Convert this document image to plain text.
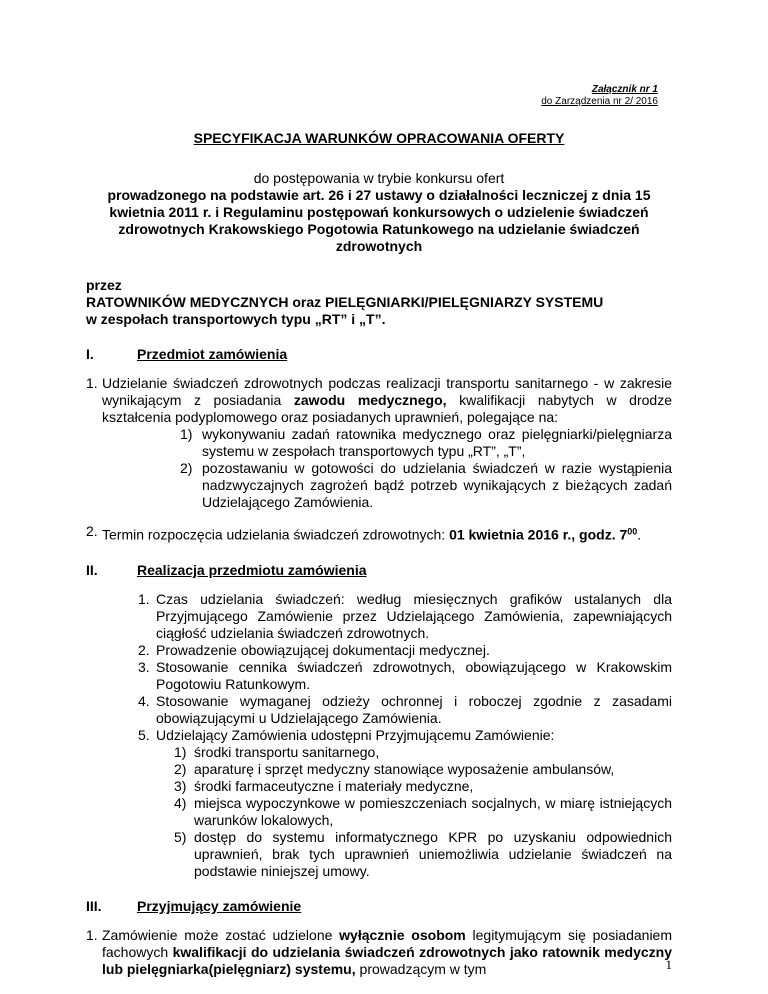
Załącznik nr 1
do Zarządzenia nr 2/ 2016
SPECYFIKACJA WARUNKÓW OPRACOWANIA OFERTY
do postępowania w trybie konkursu ofert
prowadzonego na podstawie art. 26 i 27 ustawy o działalności leczniczej z dnia 15 kwietnia 2011 r. i Regulaminu postępowań konkursowych o udzielenie świadczeń zdrowotnych Krakowskiego Pogotowia Ratunkowego na udzielanie świadczeń zdrowotnych
przez
RATOWNIKÓW MEDYCZNYCH oraz PIELĘGNIARKI/PIELĘGNIARZY SYSTEMU
w zespołach transportowych typu „RT” i „T”.
I.	Przedmiot zamówienia
1. Udzielanie świadczeń zdrowotnych podczas realizacji transportu sanitarnego - w zakresie wynikającym z posiadania zawodu medycznego, kwalifikacji nabytych w drodze kształcenia podyplomowego oraz posiadanych uprawnień, polegające na:
1) wykonywaniu zadań ratownika medycznego oraz pielęgniarki/pielęgniarza systemu w zespołach transportowych typu „RT”, „T”,
2) pozostawaniu w gotowości do udzielania świadczeń w razie wystąpienia nadzwyczajnych zagrożeń bądź potrzeb wynikających z bieżących zadań Udzielającego Zamówienia.
2. Termin rozpoczęcia udzielania świadczeń zdrowotnych: 01 kwietnia 2016 r., godz. $7^{00}$.
II.	Realizacja przedmiotu zamówienia
1. Czas udzielania świadczeń: według miesięcznych grafików ustalanych dla Przyjmującego Zamówienie przez Udzielającego Zamówienia, zapewniających ciągłość udzielania świadczeń zdrowotnych.
2. Prowadzenie obowiązującej dokumentacji medycznej.
3. Stosowanie cennika świadczeń zdrowotnych, obowiązującego w Krakowskim Pogotowiu Ratunkowym.
4. Stosowanie wymaganej odzieży ochronnej i roboczej zgodnie z zasadami obowiązującymi u Udzielającego Zamówienia.
5. Udzielający Zamówienia udostępni Przyjmującemu Zamówienie:
1) środki transportu sanitarnego,
2) aparaturę i sprzęt medyczny stanowiące wyposażenie ambulansów,
3) środki farmaceutyczne i materiały medyczne,
4) miejsca wypoczynkowe w pomieszczeniach socjalnych, w miarę istniejących warunków lokalowych,
5) dostęp do systemu informatycznego KPR po uzyskaniu odpowiednich uprawnień, brak tych uprawnień uniemożliwia udzielanie świadczeń na podstawie niniejszej umowy.
III.	Przyjmujący zamówienie
1. Zamówienie może zostać udzielone wyłącznie osobom legitymującym się posiadaniem fachowych kwalifikacji do udzielania świadczeń zdrowotnych jako ratownik medyczny lub pielęgniarka(pielęgniarz) systemu, prowadzącym w tym	1
